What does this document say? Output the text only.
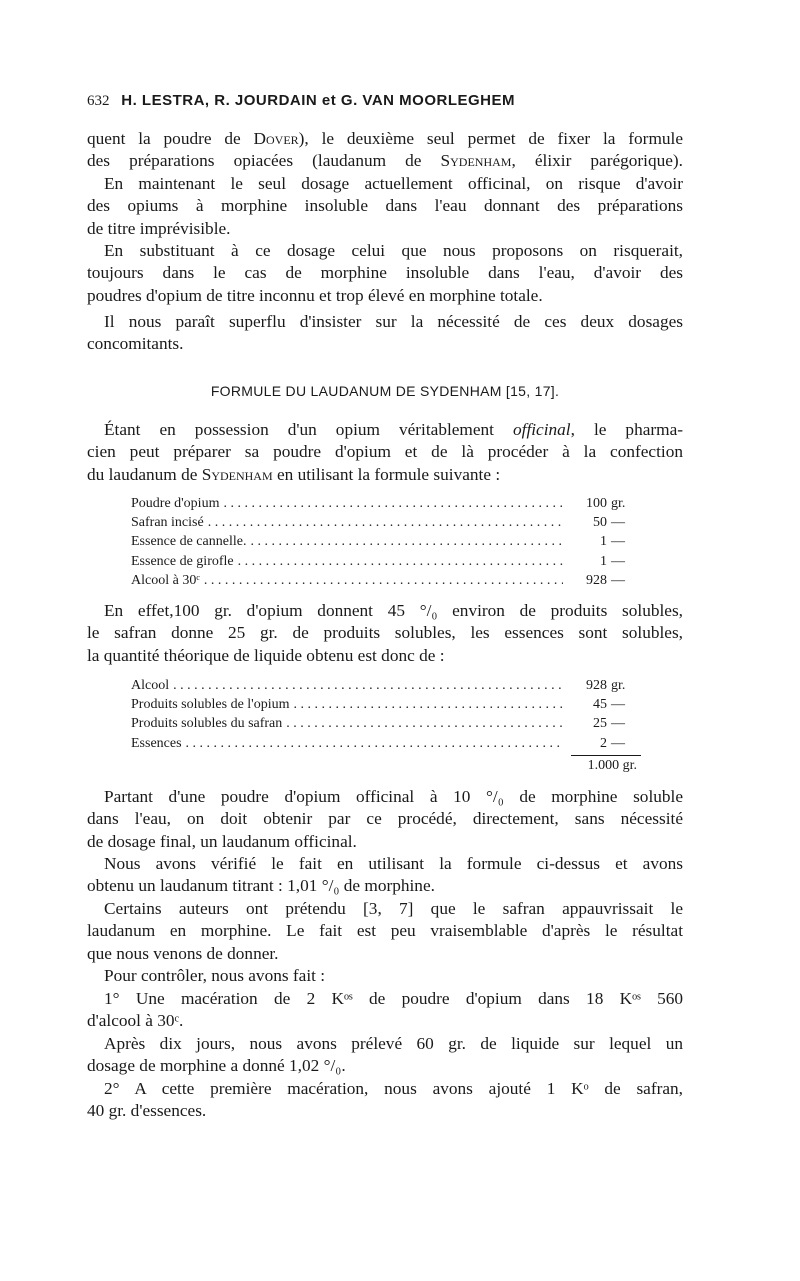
632 H. LESTRA, R. JOURDAIN et G. VAN MOORLEGHEM

quent la poudre de Dover), le deuxième seul permet de fixer la formule

des préparations opiacées (laudanum de Sydenham, élixir parégorique).

En maintenant le seul dosage actuellement officinal, on risque d'avoir

des opiums à morphine insoluble dans l'eau donnant des préparations

de titre imprévisible.

En substituant à ce dosage celui que nous proposons on risquerait,

toujours dans le cas de morphine insoluble dans l'eau, d'avoir des

poudres d'opium de titre inconnu et trop élevé en morphine totale.

Il nous paraît superflu d'insister sur la nécessité de ces deux dosages

concomitants.

FORMULE DU LAUDANUM DE SYDENHAM [15, 17].

Étant en possession d'un opium véritablement officinal, le pharma-

cien peut préparer sa poudre d'opium et de là procéder à la confection

du laudanum de Sydenham en utilisant la formule suivante :

Poudre d'opium . . .	100 gr.
Safran incisé . . .	50 —
Essence de cannelle. . . .	1 —
Essence de girofle . . .	1 —
Alcool à 30ᶜ . . .	928 —

En effet,100 gr. d'opium donnent 45 °/₀ environ de produits solubles,

le safran donne 25 gr. de produits solubles, les essences sont solubles,

la quantité théorique de liquide obtenu est donc de :

Alcool . . .	928 gr.
Produits solubles de l'opium . . .	45 —
Produits solubles du safran . . .	25 —
Essences . . .	2 —
1.000 gr.

Partant d'une poudre d'opium officinal à 10 °/₀ de morphine soluble

dans l'eau, on doit obtenir par ce procédé, directement, sans nécessité

de dosage final, un laudanum officinal.

Nous avons vérifié le fait en utilisant la formule ci-dessus et avons

obtenu un laudanum titrant : 1,01 °/₀ de morphine.

Certains auteurs ont prétendu [3, 7] que le safran appauvrissait le

laudanum en morphine. Le fait est peu vraisemblable d'après le résultat

que nous venons de donner.

Pour contrôler, nous avons fait :

1° Une macération de 2 Kᵒˢ de poudre d'opium dans 18 Kᵒˢ 560

d'alcool à 30ᶜ.

Après dix jours, nous avons prélevé 60 gr. de liquide sur lequel un

dosage de morphine a donné 1,02 °/₀.

2° A cette première macération, nous avons ajouté 1 Kᵒ de safran,

40 gr. d'essences.
